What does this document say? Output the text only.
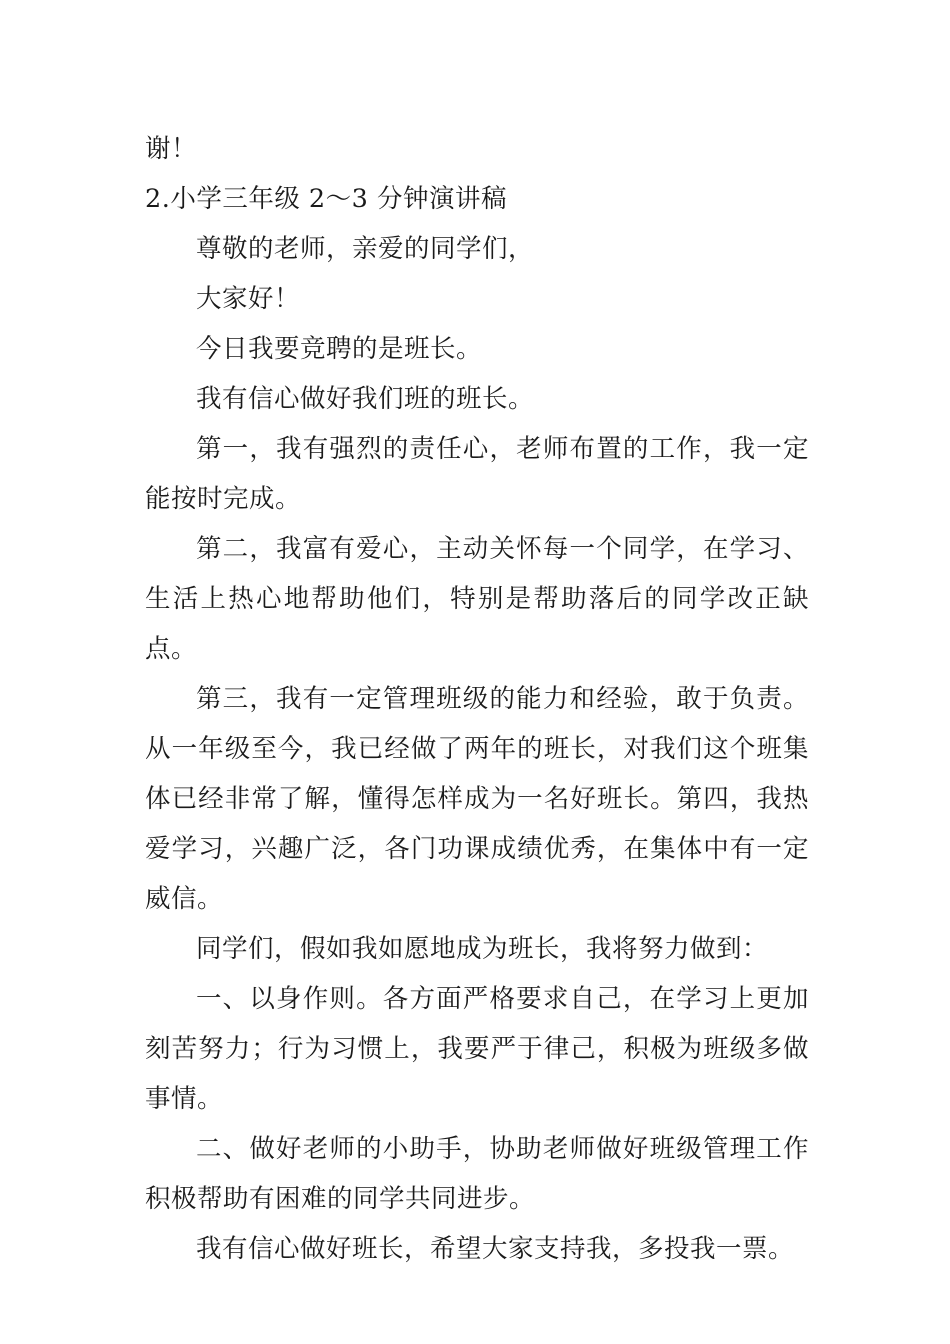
谢！
2.小学三年级 2～3 分钟演讲稿

尊敬的老师，亲爱的同学们，

大家好！

今日我要竞聘的是班长。

我有信心做好我们班的班长。

第一，我有强烈的责任心，老师布置的工作，我一定能按时完成。

第二，我富有爱心，主动关怀每一个同学，在学习、生活上热心地帮助他们，特别是帮助落后的同学改正缺点。

第三，我有一定管理班级的能力和经验，敢于负责。从一年级至今，我已经做了两年的班长，对我们这个班集体已经非常了解，懂得怎样成为一名好班长。第四，我热爱学习，兴趣广泛，各门功课成绩优秀，在集体中有一定威信。

同学们，假如我如愿地成为班长，我将努力做到：

一、以身作则。各方面严格要求自己，在学习上更加刻苦努力；行为习惯上，我要严于律己，积极为班级多做事情。

二、做好老师的小助手，协助老师做好班级管理工作积极帮助有困难的同学共同进步。

我有信心做好班长，希望大家支持我，多投我一票。
